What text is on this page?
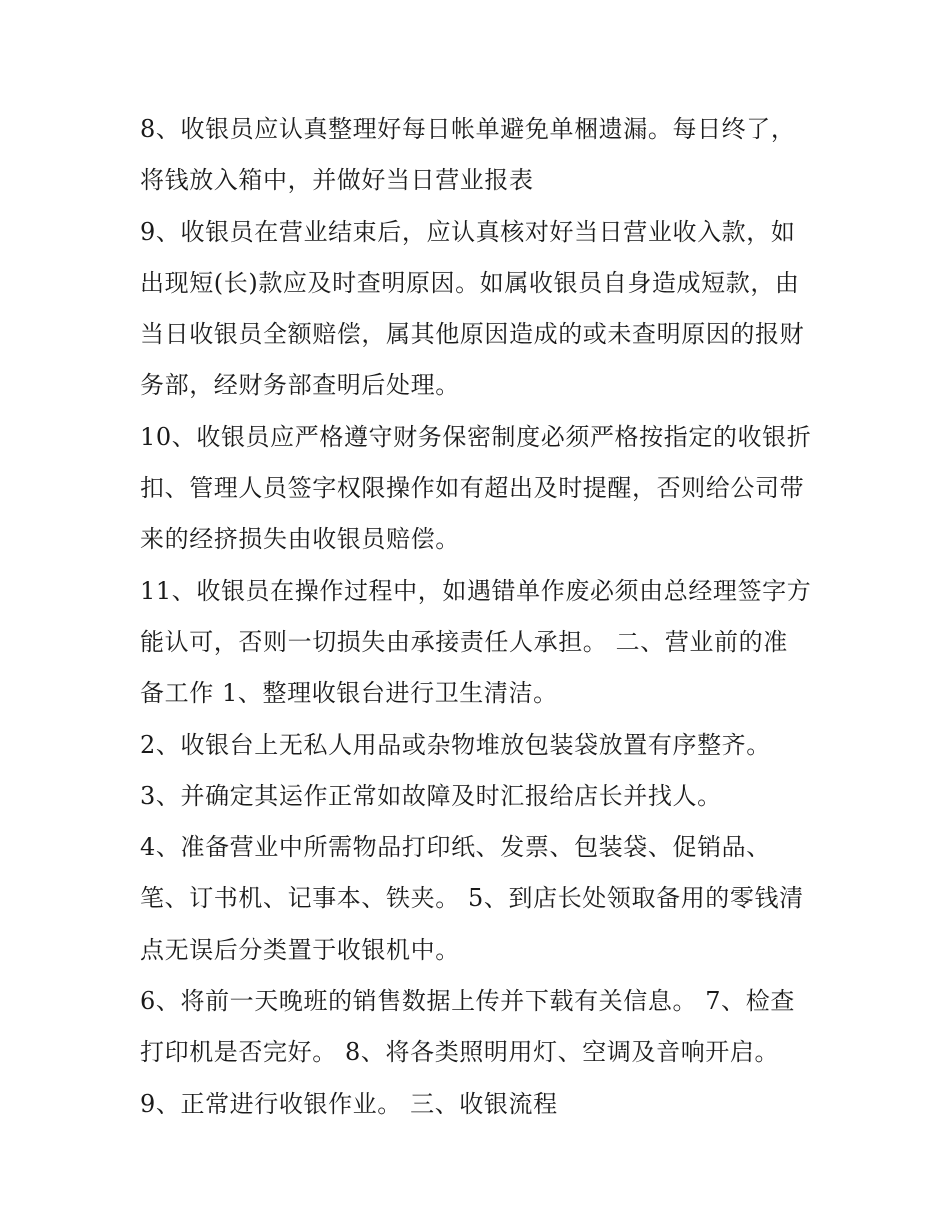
8、收银员应认真整理好每日帐单避免单梱遗漏。每日终了，
将钱放入箱中，并做好当日营业报表

9、收银员在营业结束后，应认真核对好当日营业收入款，如
出现短(长)款应及时查明原因。如属收银员自身造成短款，由
当日收银员全额赔偿，属其他原因造成的或未查明原因的报财
务部，经财务部查明后处理。

10、收银员应严格遵守财务保密制度必须严格按指定的收银折
扣、管理人员签字权限操作如有超出及时提醒，否则给公司带
来的经挤损失由收银员赔偿。

11、收银员在操作过程中，如遇错单作废必须由总经理签字方
能认可，否则一切损失由承接责任人承担。 二、营业前的准
备工作 1、整理收银台进行卫生清洁。

2、收银台上无私人用品或杂物堆放包装袋放置有序整齐。

3、并确定其运作正常如故障及时汇报给店长并找人。

4、准备营业中所需物品打印纸、发票、包装袋、促销品、
笔、订书机、记事本、铁夹。 5、到店长处领取备用的零钱清
点无误后分类置于收银机中。

6、将前一天晚班的销售数据上传并下载有关信息。 7、检查
打印机是否完好。 8、将各类照明用灯、空调及音响开启。

9、正常进行收银作业。 三、收银流程
